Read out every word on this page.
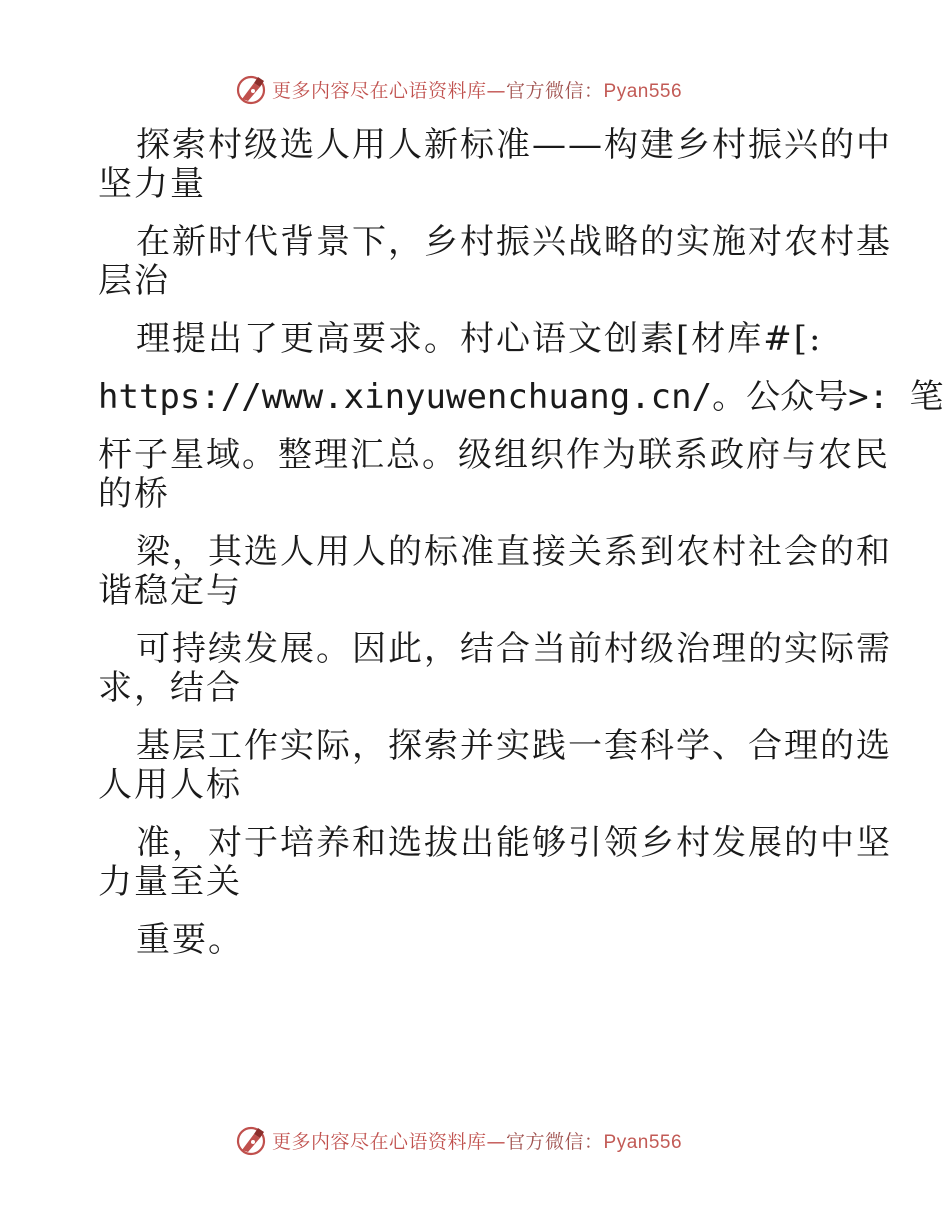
更多内容尽在心语资料库—官方微信：Pyan556
探索村级选人用人新标准——构建乡村振兴的中
坚力量
在新时代背景下，乡村振兴战略的实施对农村基
层治
理提出了更高要求。村心语文创素[材库#[:
https://www.xinyuwenchuang.cn/。公众号>: 笔
杆子星域。整理汇总。级组织作为联系政府与农民
的桥
梁，其选人用人的标准直接关系到农村社会的和
谐稳定与
可持续发展。因此，结合当前村级治理的实际需
求，结合
基层工作实际，探索并实践一套科学、合理的选
人用人标
准，对于培养和选拔出能够引领乡村发展的中坚
力量至关
重要。
更多内容尽在心语资料库—官方微信：Pyan556
